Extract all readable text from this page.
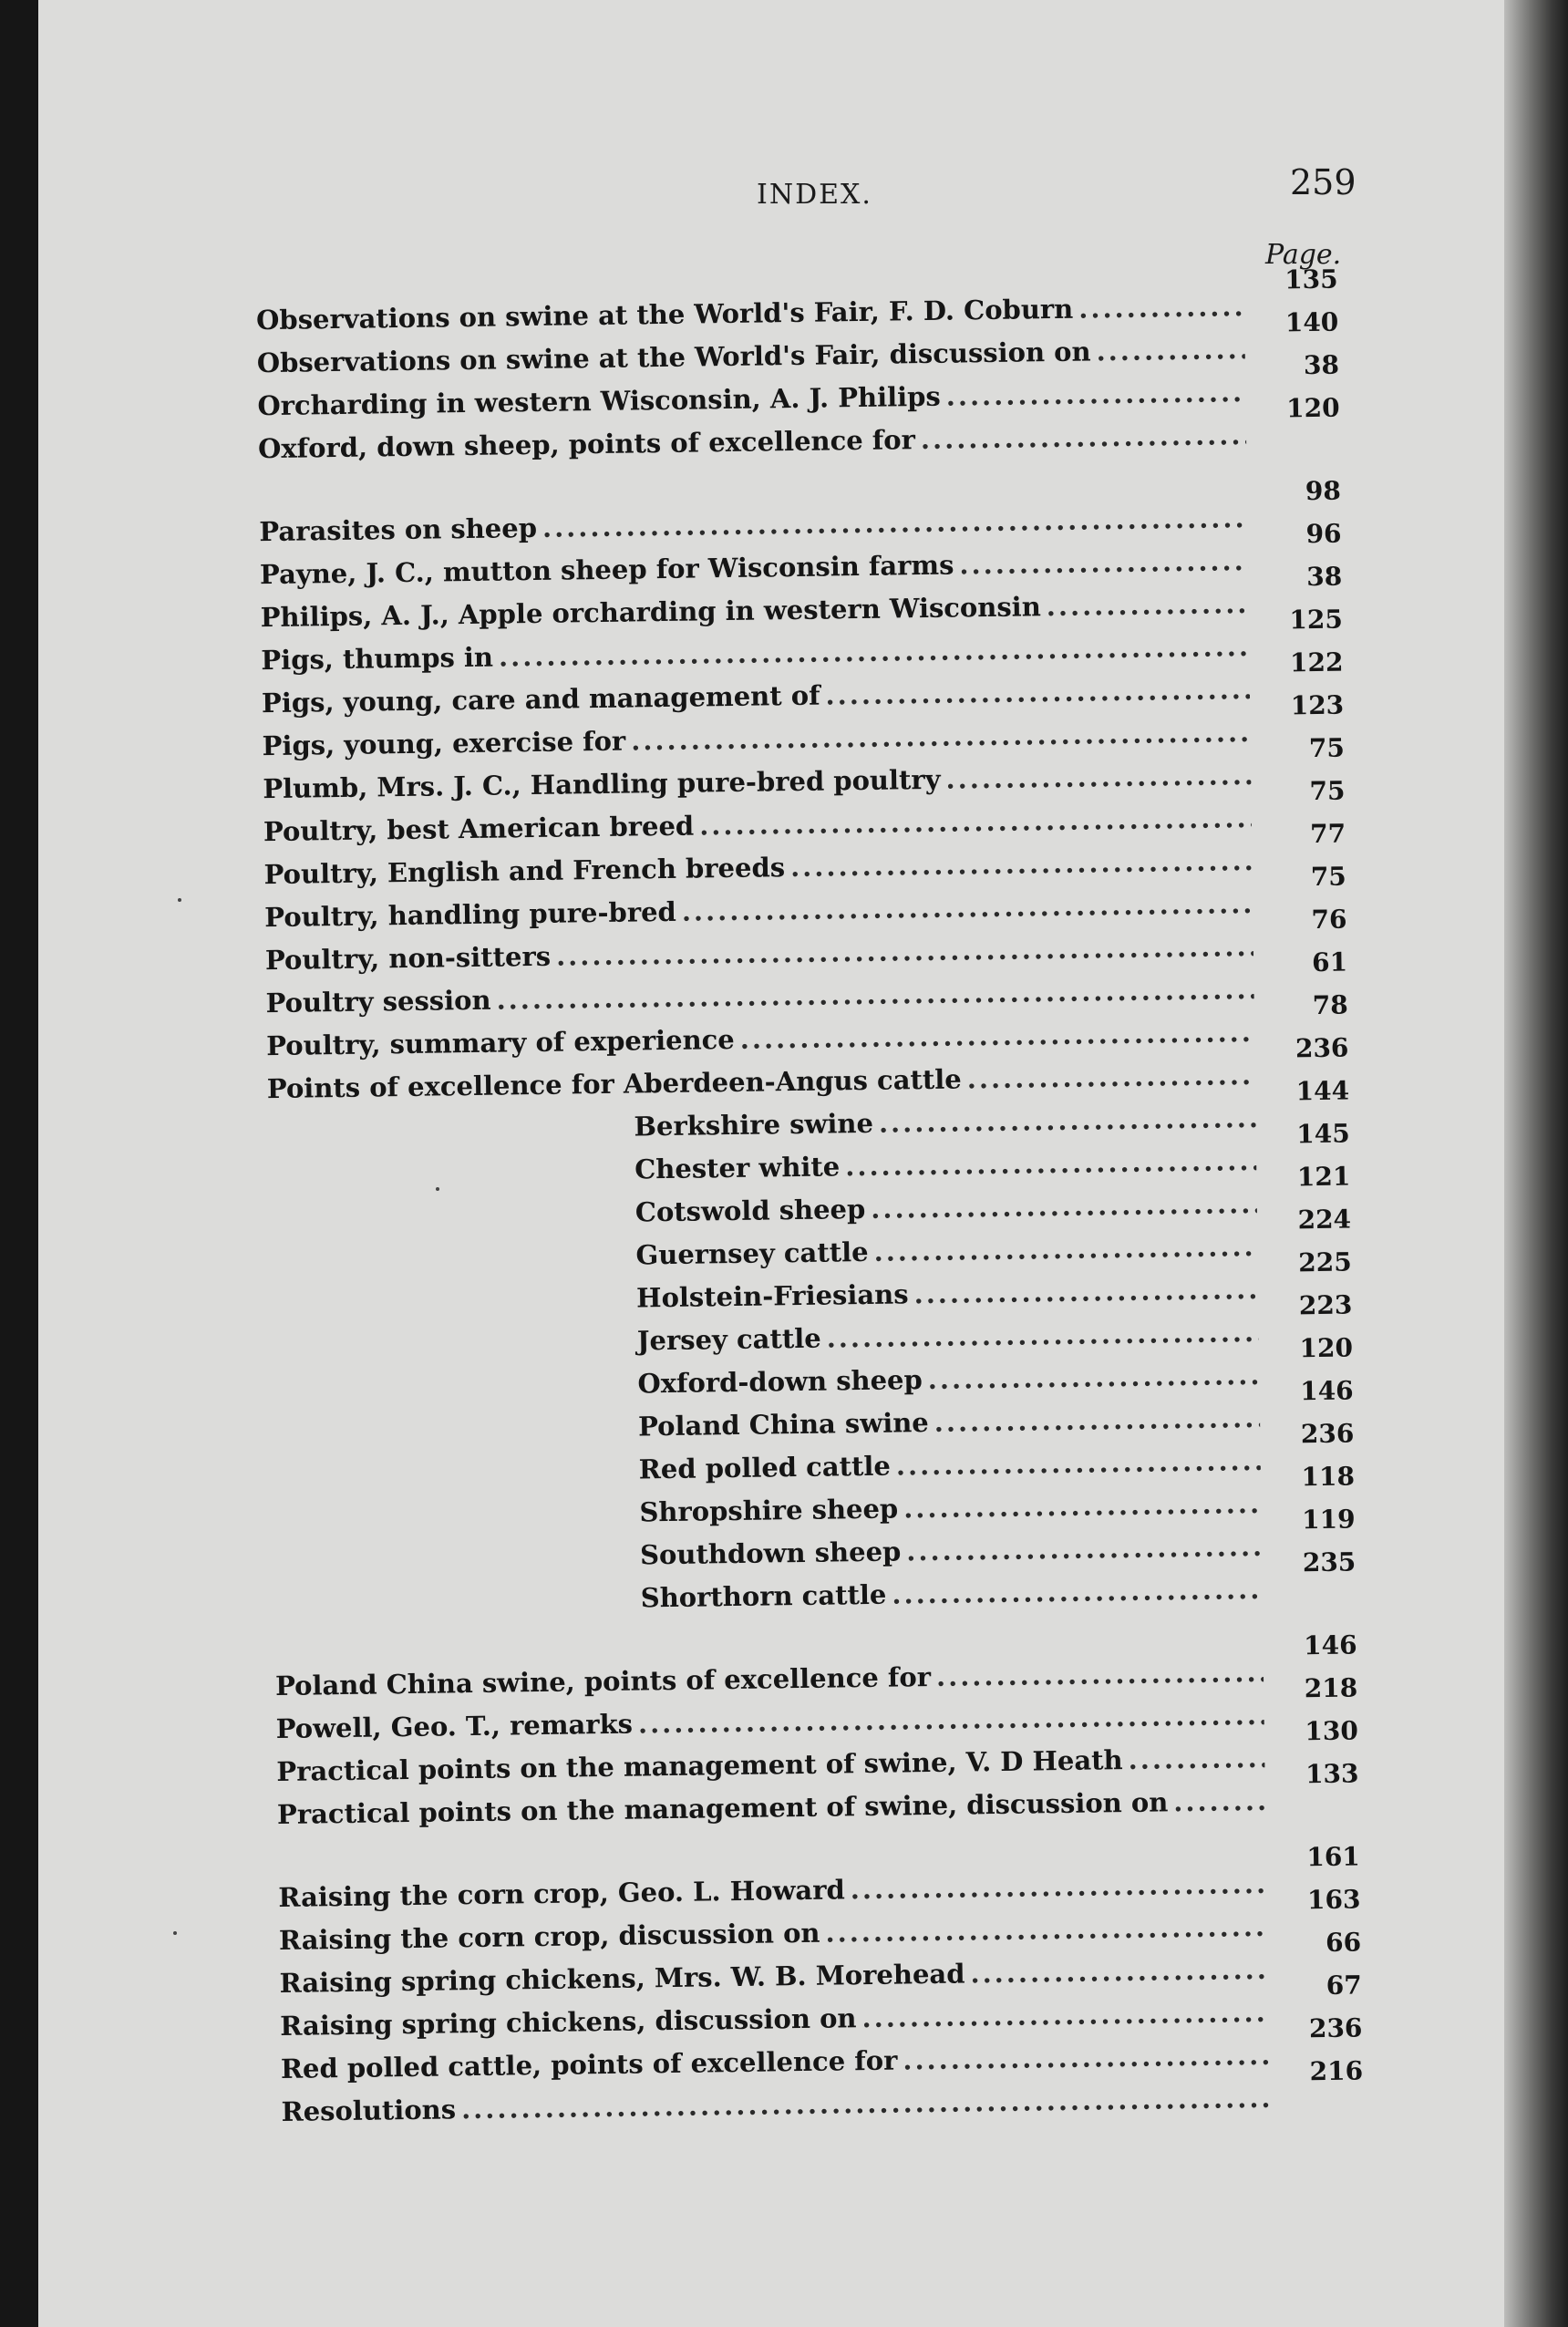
INDEX.	259
Page.
Observations on swine at the World's Fair, F. D. Coburn
.....
135
Observations on swine at the World's Fair, discussion on
.....
140
Orcharding in western Wisconsin, A. J. Philips
.....
38
Oxford, down sheep, points of excellence for
.....
120
Parasites on sheep
.....
98
Payne, J. C., mutton sheep for Wisconsin farms
.....
96
Philips, A. J., Apple orcharding in western Wisconsin
.....
38
Pigs, thumps in
.....
125
Pigs, young, care and management of
.....
122
Pigs, young, exercise for
.....
123
Plumb, Mrs. J. C., Handling pure-bred poultry
.....
75
Poultry, best American breed
.....
75
Poultry, English and French breeds
.....
77
Poultry, handling pure-bred
.....
75
Poultry, non-sitters
.....
76
Poultry session
.....
61
Poultry, summary of experience
.....
78
Points of excellence for Aberdeen-Angus cattle
.....
236
Berkshire swine
.....
144
Chester white
.....
145
Cotswold sheep
.....
121
Guernsey cattle
.....
224
Holstein-Friesians
.....
225
Jersey cattle
.....
223
Oxford-down sheep
.....
120
Poland China swine
.....
146
Red polled cattle
.....
236
Shropshire sheep
.....
118
Southdown sheep
.....
119
Shorthorn cattle
.....
235
Poland China swine, points of excellence for
.....
146
Powell, Geo. T., remarks
.....
218
Practical points on the management of swine, V. D Heath
.....
130
Practical points on the management of swine, discussion on
.....
133
Raising the corn crop, Geo. L. Howard
.....
161
Raising the corn crop, discussion on
.....
163
Raising spring chickens, Mrs. W. B. Morehead
.....
66
Raising spring chickens, discussion on
.....
67
Red polled cattle, points of excellence for
.....
236
Resolutions
.....
216
